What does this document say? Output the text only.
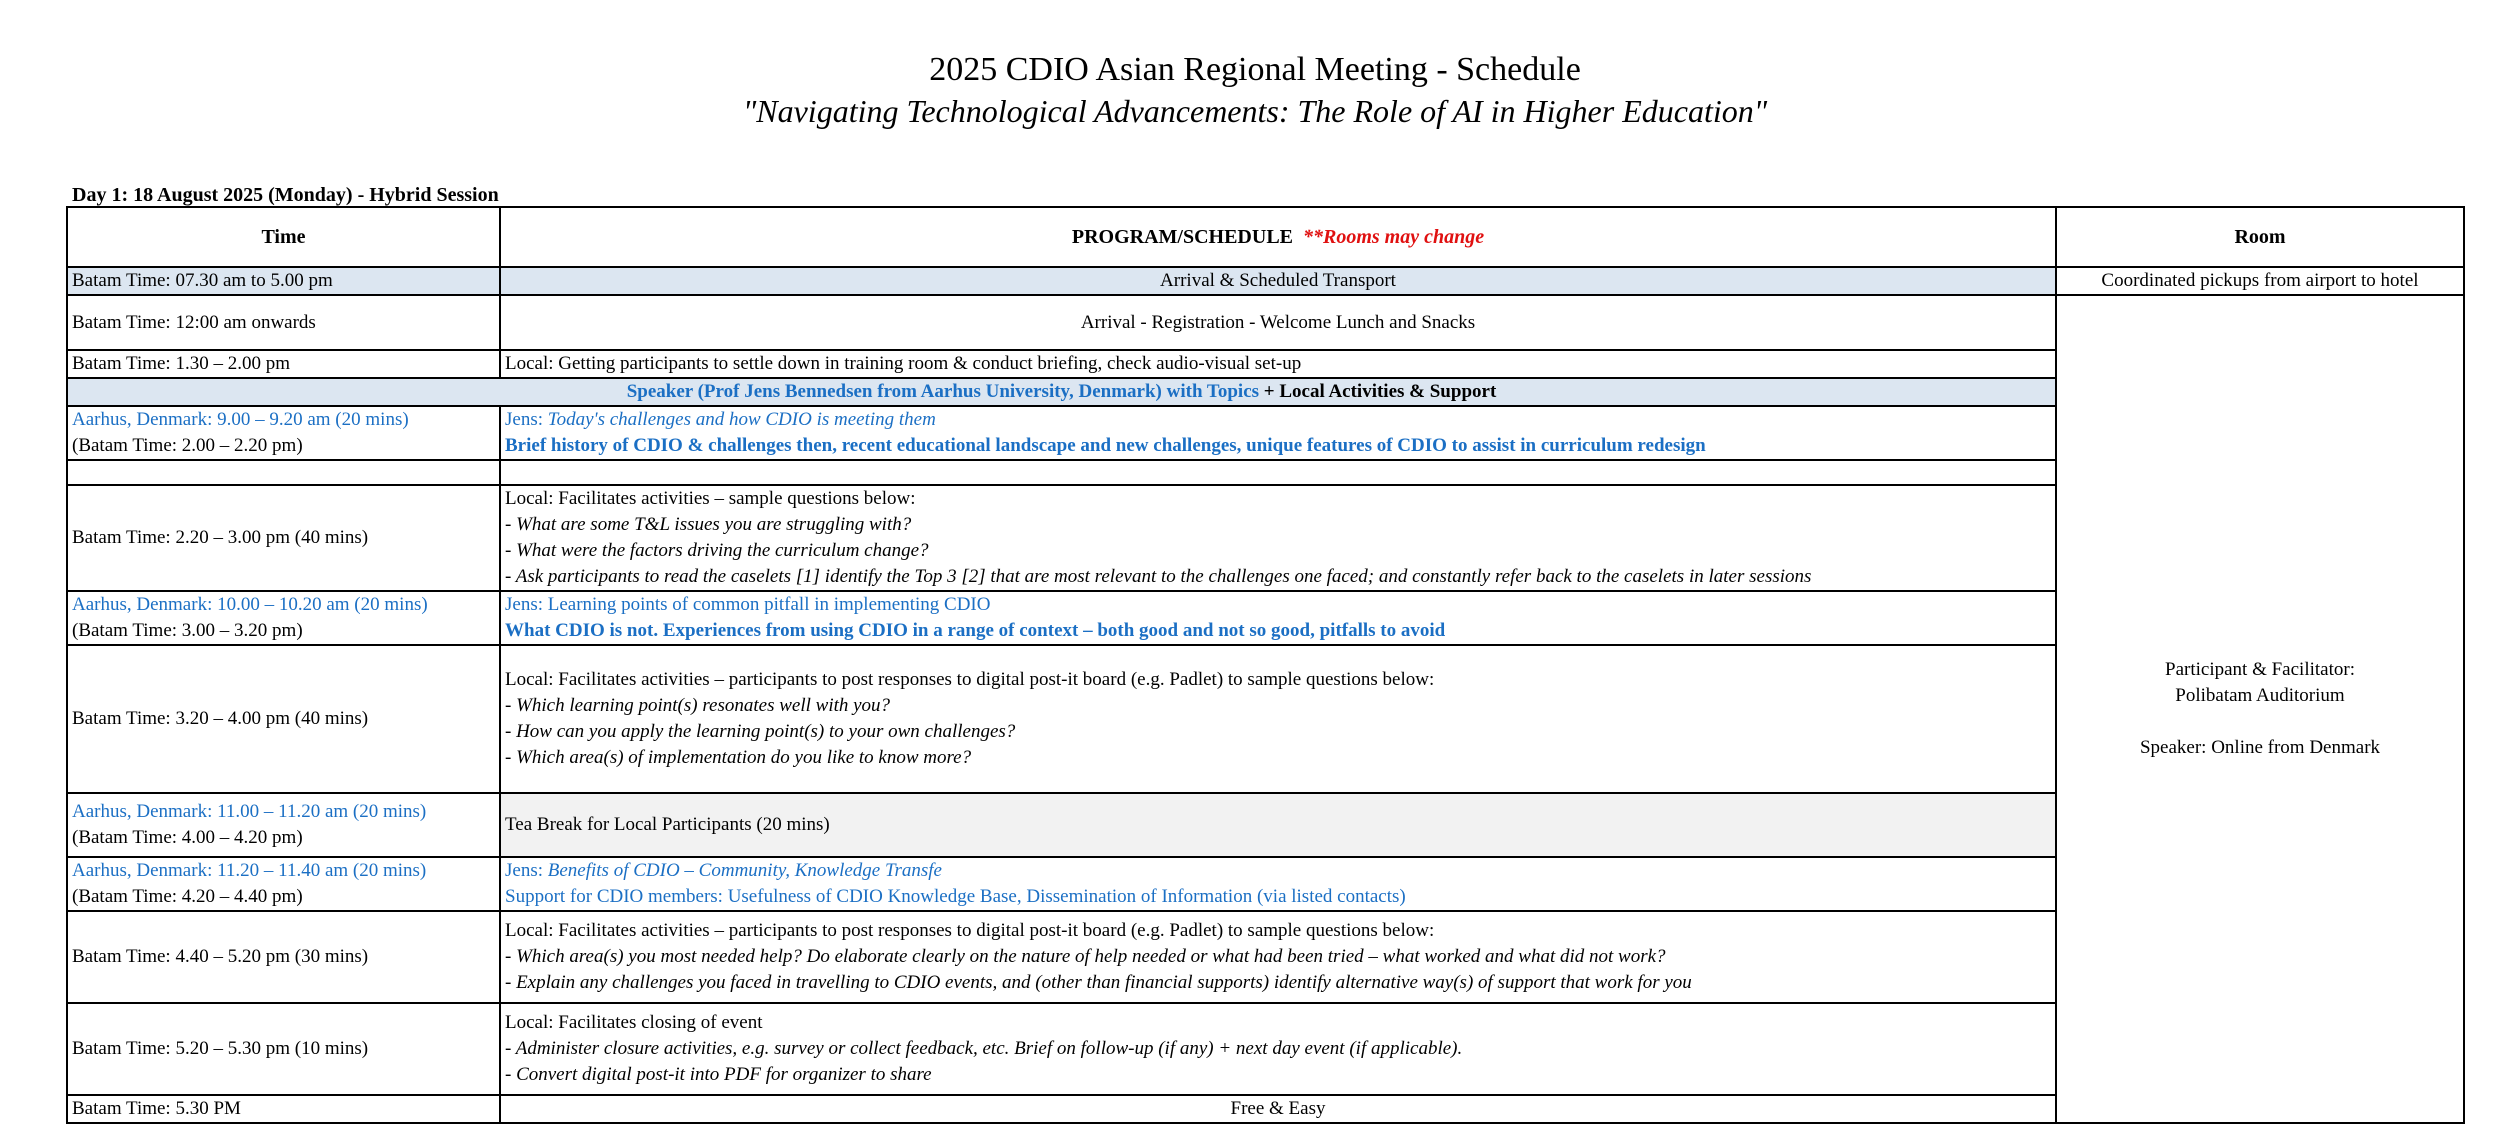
2025 CDIO Asian Regional Meeting - Schedule
"Navigating Technological Advancements: The Role of AI in Higher Education"
Day 1: 18 August 2025 (Monday) - Hybrid Session
Time	PROGRAM/SCHEDULE **Rooms may change	Room	
Batam Time: 07.30 am to 5.00 pm	Arrival & Scheduled Transport	Coordinated pickups from airport to hotel	
Batam Time: 12:00 am onwards	Arrival - Registration - Welcome Lunch and Snacks	Participant & Facilitator:
Polibatam Auditorium

Speaker: Online from Denmark	

Batam Time: 1.30 – 2.00 pm	Local: Getting participants to settle down in training room & conduct briefing, check audio-visual set-up		
Speaker (Prof Jens Bennedsen from Aarhus University, Denmark) with Topics + Local Activities & Support			

Aarhus, Denmark: 9.00 – 9.20 am (20 mins)
(Batam Time: 2.00 – 2.20 pm)	Jens: Today's challenges and how CDIO is meeting them
Brief history of CDIO & challenges then, recent educational landscape and new challenges, unique features of CDIO to assist in curriculum redesign		

Batam Time: 2.20 – 3.00 pm (40 mins)	Local: Facilitates activities – sample questions below:
- What are some T&L issues you are struggling with?
- What were the factors driving the curriculum change?
- Ask participants to read the caselets [1] identify the Top 3 [2] that are most relevant to the challenges one faced; and constantly refer back to the caselets in later sessions		

Aarhus, Denmark: 10.00 – 10.20 am (20 mins)
(Batam Time: 3.00 – 3.20 pm)	Jens: Learning points of common pitfall in implementing CDIO
What CDIO is not. Experiences from using CDIO in a range of context – both good and not so good, pitfalls to avoid		

Batam Time: 3.20 – 4.00 pm (40 mins)	Local: Facilitates activities – participants to post responses to digital post-it board (e.g. Padlet) to sample questions below:
- Which learning point(s) resonates well with you?
- How can you apply the learning point(s) to your own challenges?
- Which area(s) of implementation do you like to know more?		

Aarhus, Denmark: 11.00 – 11.20 am (20 mins)
(Batam Time: 4.00 – 4.20 pm)	Tea Break for Local Participants (20 mins)		

Aarhus, Denmark: 11.20 – 11.40 am (20 mins)
(Batam Time: 4.20 – 4.40 pm)	Jens: Benefits of CDIO – Community, Knowledge Transfe
Support for CDIO members: Usefulness of CDIO Knowledge Base, Dissemination of Information (via listed contacts)		

Batam Time: 4.40 – 5.20 pm (30 mins)	Local: Facilitates activities – participants to post responses to digital post-it board (e.g. Padlet) to sample questions below:
- Which area(s) you most needed help? Do elaborate clearly on the nature of help needed or what had been tried – what worked and what did not work?
- Explain any challenges you faced in travelling to CDIO events, and (other than financial supports) identify alternative way(s) of support that work for you		

Batam Time: 5.20 – 5.30 pm (10 mins)	Local: Facilitates closing of event
- Administer closure activities, e.g. survey or collect feedback, etc. Brief on follow-up (if any) + next day event (if applicable).
- Convert digital post-it into PDF for organizer to share		

Batam Time: 5.30 PM	Free & Easy	
